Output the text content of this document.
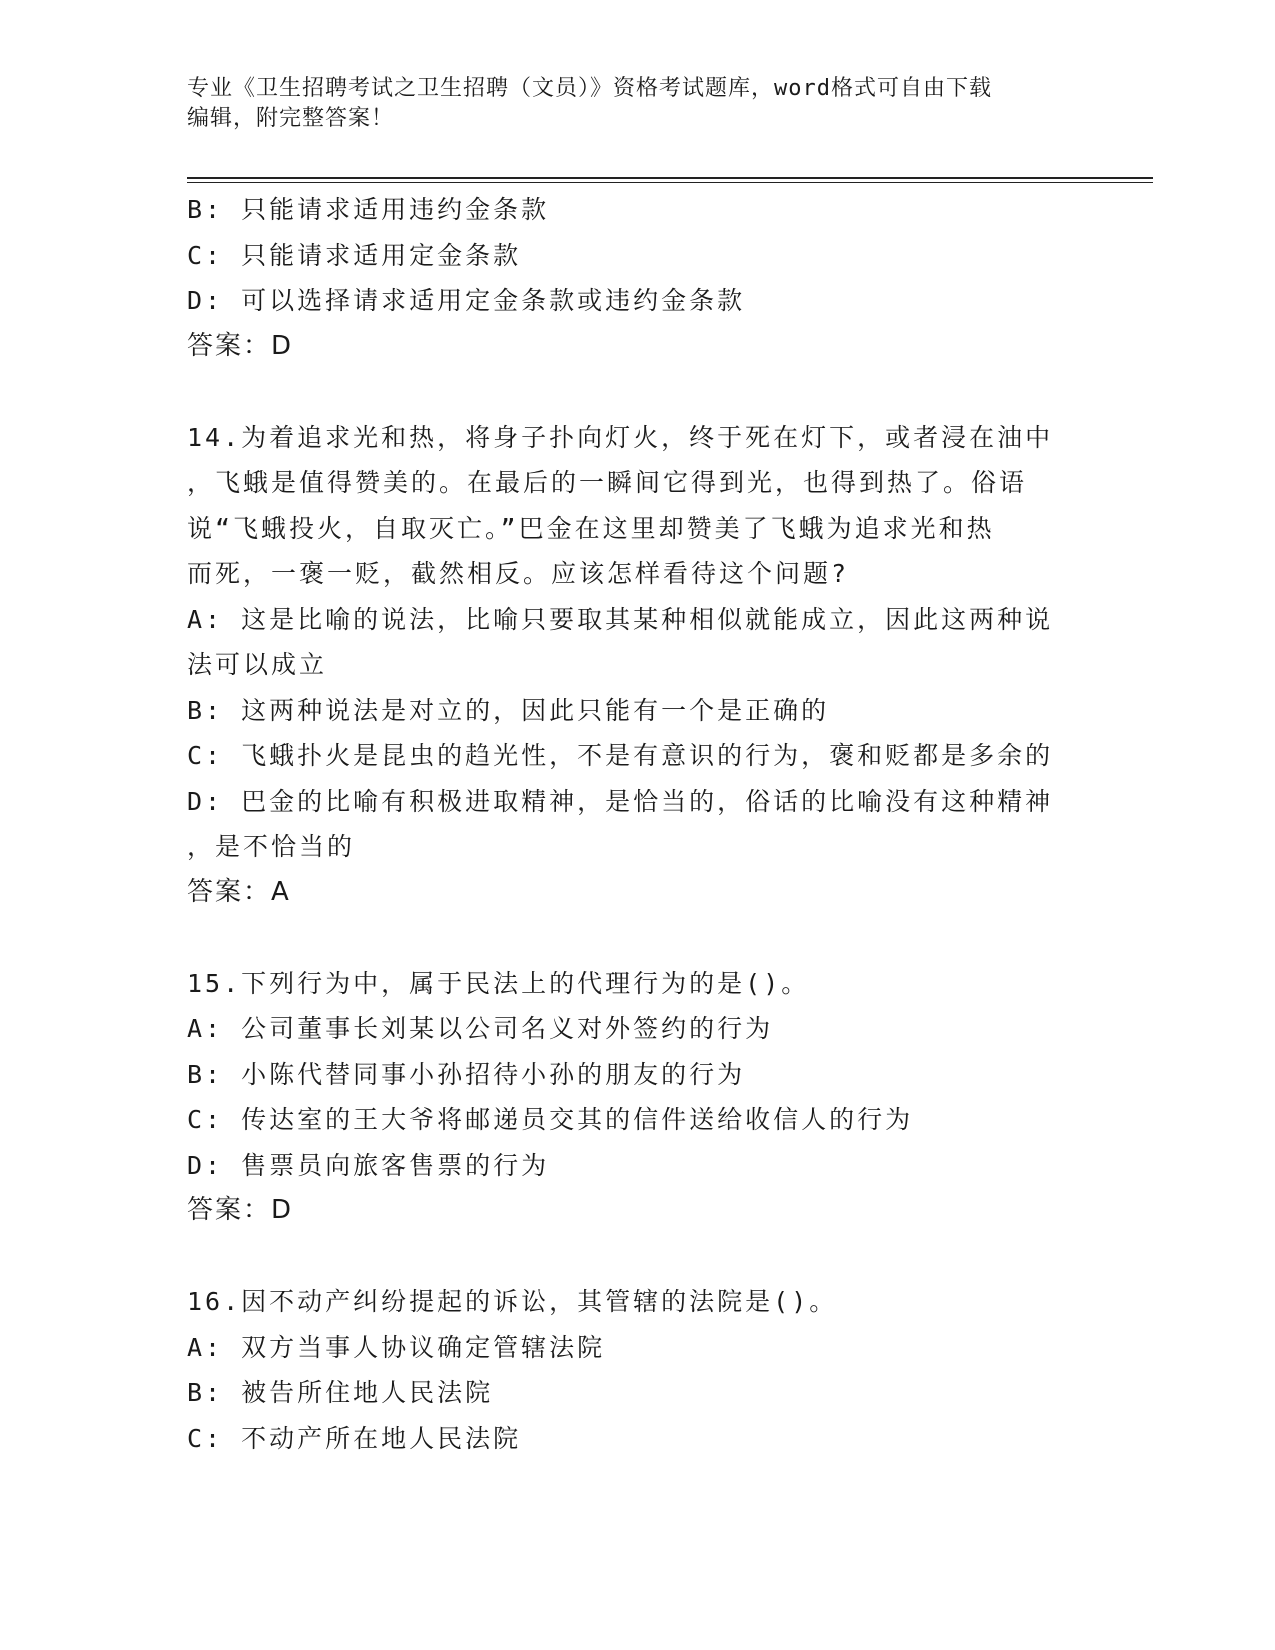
专业《卫生招聘考试之卫生招聘（文员）》资格考试题库，word格式可自由下载
编辑，附完整答案！
B: 只能请求适用违约金条款
C: 只能请求适用定金条款
D: 可以选择请求适用定金条款或违约金条款
答案：D
14.为着追求光和热，将身子扑向灯火，终于死在灯下，或者浸在油中
，飞蛾是值得赞美的。在最后的一瞬间它得到光，也得到热了。俗语
说“飞蛾投火，自取灭亡。”巴金在这里却赞美了飞蛾为追求光和热
而死，一褒一贬，截然相反。应该怎样看待这个问题?
A: 这是比喻的说法，比喻只要取其某种相似就能成立，因此这两种说
法可以成立
B: 这两种说法是对立的，因此只能有一个是正确的
C: 飞蛾扑火是昆虫的趋光性，不是有意识的行为，褒和贬都是多余的
D: 巴金的比喻有积极进取精神，是恰当的，俗话的比喻没有这种精神
，是不恰当的
答案：A
15.下列行为中，属于民法上的代理行为的是()。
A: 公司董事长刘某以公司名义对外签约的行为
B: 小陈代替同事小孙招待小孙的朋友的行为
C: 传达室的王大爷将邮递员交其的信件送给收信人的行为
D: 售票员向旅客售票的行为
答案：D
16.因不动产纠纷提起的诉讼，其管辖的法院是()。
A: 双方当事人协议确定管辖法院
B: 被告所住地人民法院
C: 不动产所在地人民法院
